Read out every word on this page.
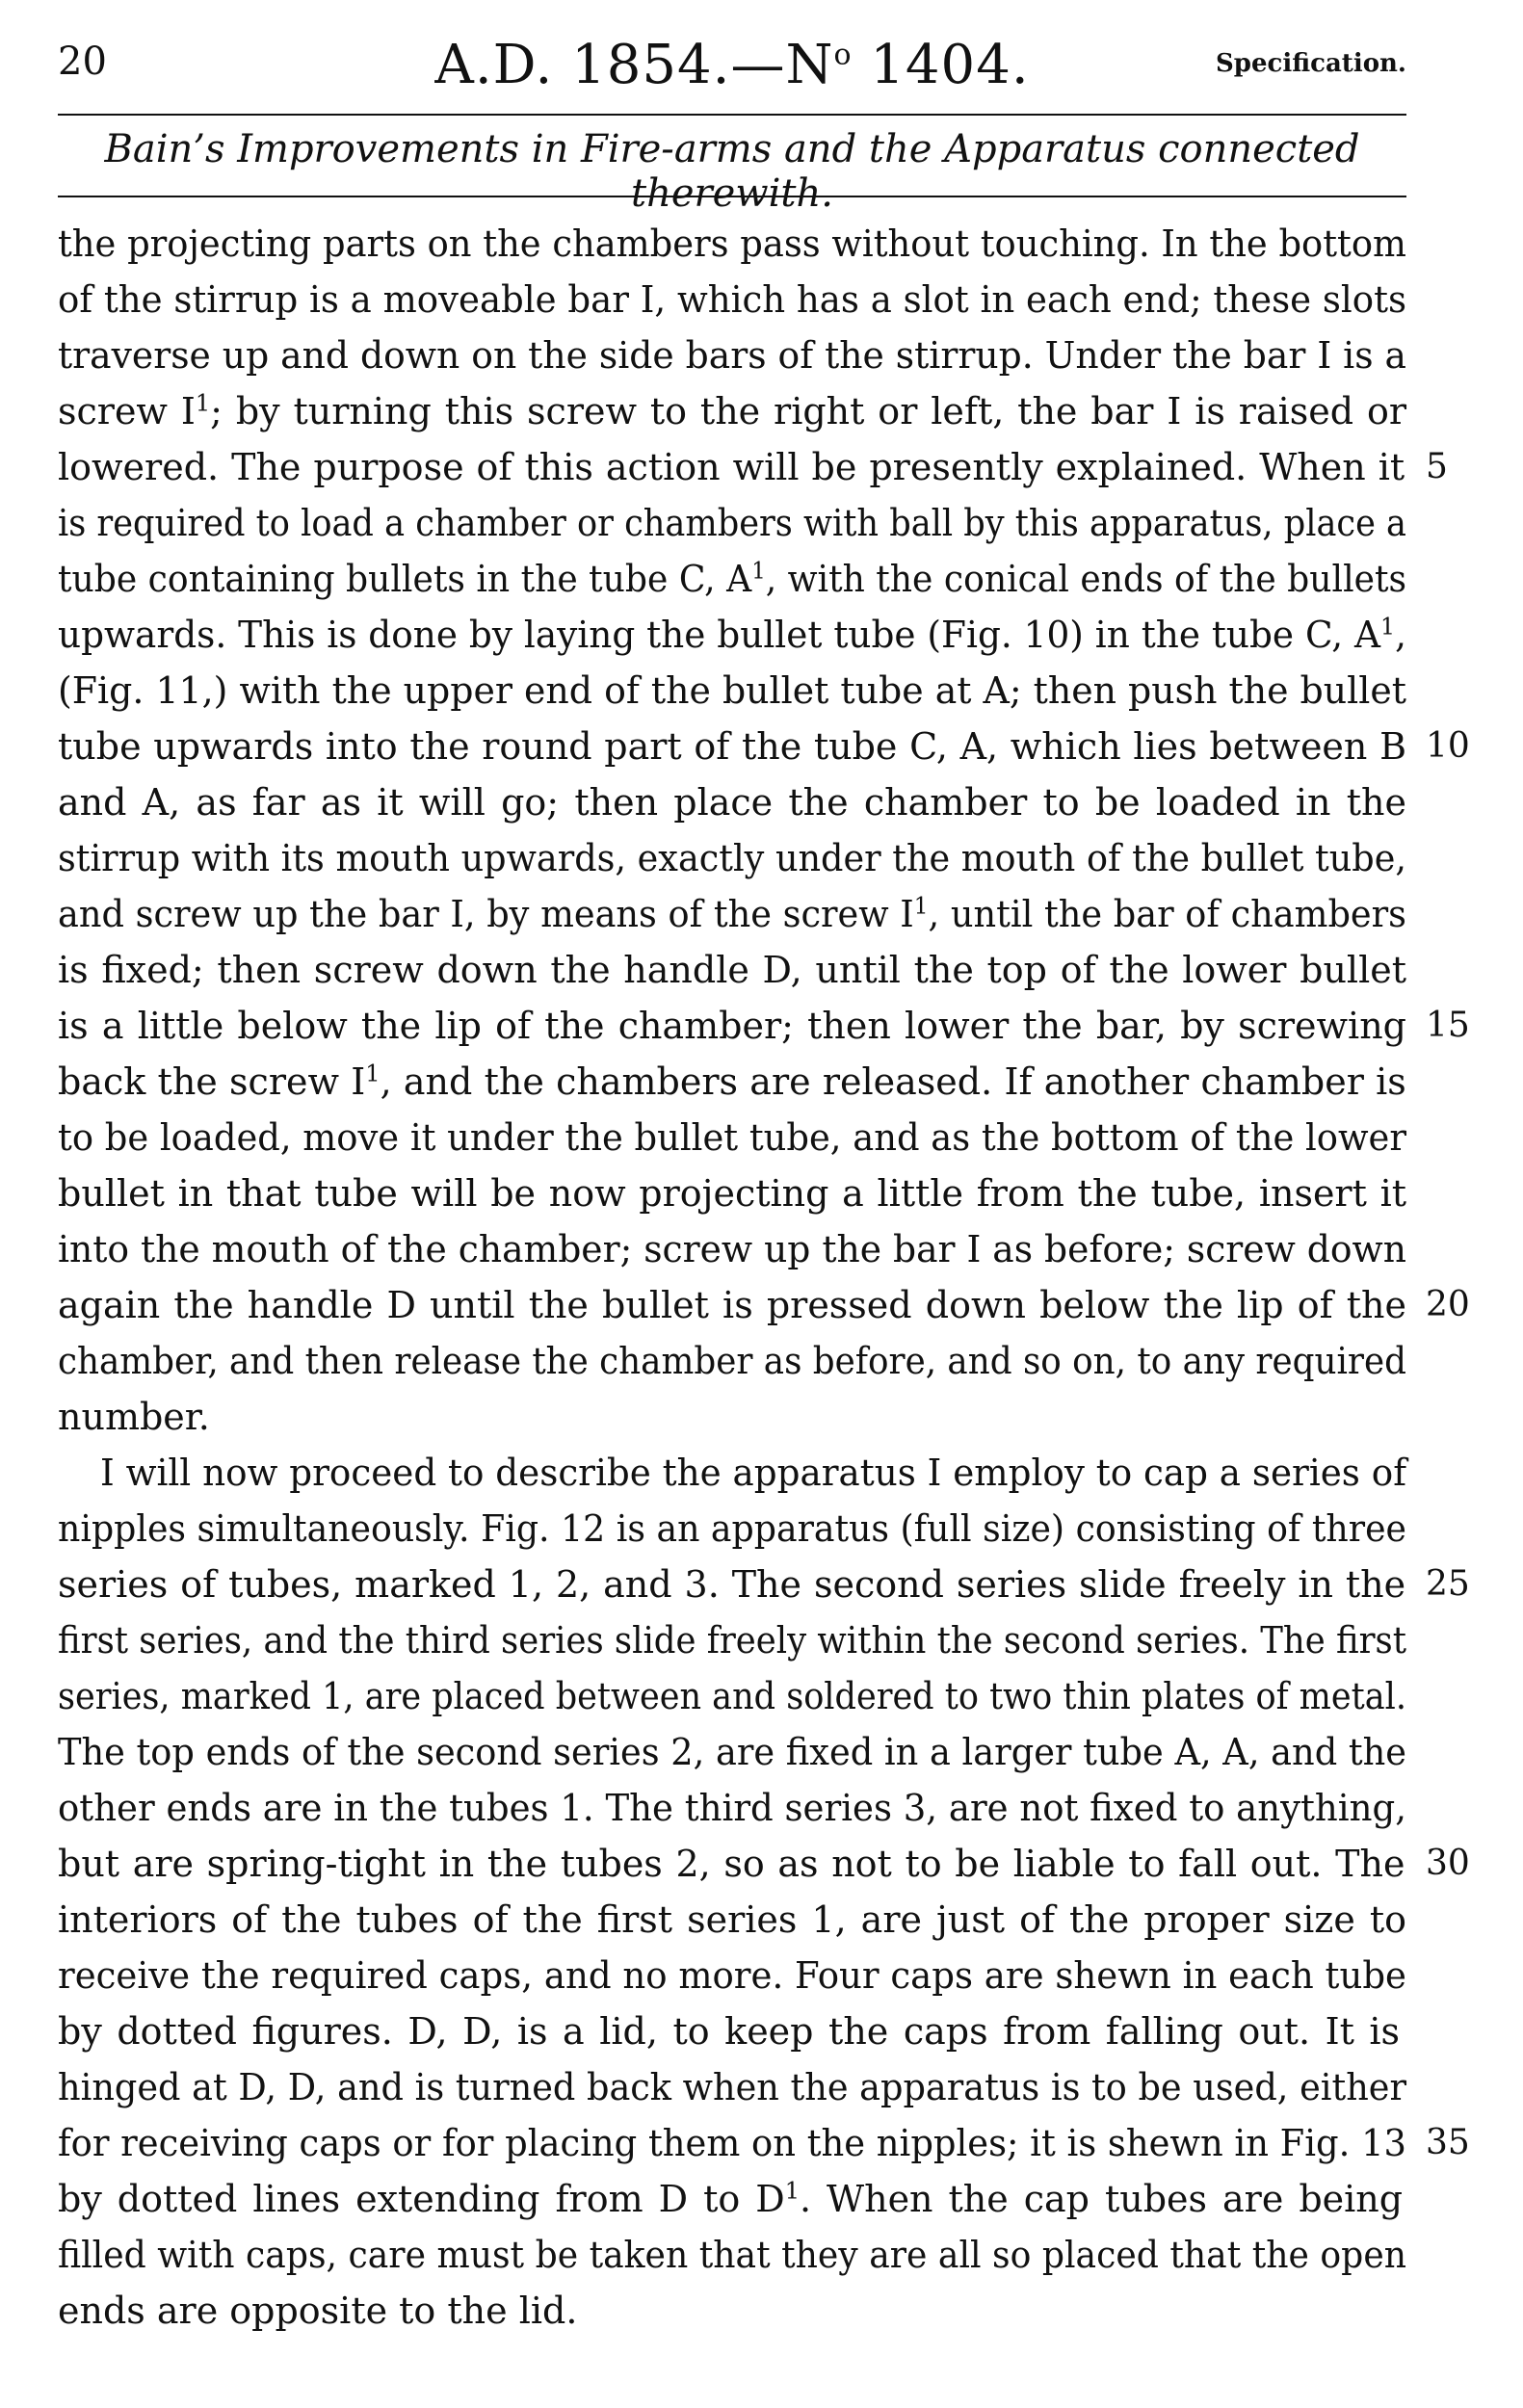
20	A.D. $1854.—N^o$ 1404.	Specification.
Bain’s Improvements in Fire-arms and the Apparatus connected therewith.
the projecting parts on the chambers pass without touching. In the bottom
of the stirrup is a moveable bar I, which has a slot in each end; these slots
traverse up and down on the side bars of the stirrup. Under the bar I is a
screw $I^1$; by turning this screw to the right or left, the bar I is raised or
lowered. The purpose of this action will be presently explained. When it 5
is required to load a chamber or chambers with ball by this apparatus, place a
tube containing bullets in the tube C, $A^1$, with the conical ends of the bullets
upwards. This is done by laying the bullet tube (Fig. 10) in the tube C, $A^1$,
(Fig. 11,) with the upper end of the bullet tube at A; then push the bullet
tube upwards into the round part of the tube C, A, which lies between B 10
and A, as far as it will go; then place the chamber to be loaded in the
stirrup with its mouth upwards, exactly under the mouth of the bullet tube,
and screw up the bar I, by means of the screw $I^1$, until the bar of chambers
is fixed; then screw down the handle D, until the top of the lower bullet
is a little below the lip of the chamber; then lower the bar, by screwing 15
back the screw $I^1$, and the chambers are released. If another chamber is
to be loaded, move it under the bullet tube, and as the bottom of the lower
bullet in that tube will be now projecting a little from the tube, insert it
into the mouth of the chamber; screw up the bar I as before; screw down
again the handle D until the bullet is pressed down below the lip of the 20
chamber, and then release the chamber as before, and so on, to any required
number.
I will now proceed to describe the apparatus I employ to cap a series of
nipples simultaneously. Fig. 12 is an apparatus (full size) consisting of three
series of tubes, marked 1, 2, and 3. The second series slide freely in the 25
first series, and the third series slide freely within the second series. The first
series, marked 1, are placed between and soldered to two thin plates of metal.
The top ends of the second series 2, are fixed in a larger tube A, A, and the
other ends are in the tubes 1. The third series 3, are not fixed to anything,
but are spring-tight in the tubes 2, so as not to be liable to fall out. The 30
interiors of the tubes of the first series 1, are just of the proper size to
receive the required caps, and no more. Four caps are shewn in each tube
by dotted figures. D, D, is a lid, to keep the caps from falling out. It is
hinged at D, D, and is turned back when the apparatus is to be used, either
for receiving caps or for placing them on the nipples; it is shewn in Fig. 13 35
by dotted lines extending from D to $D^1$. When the cap tubes are being
filled with caps, care must be taken that they are all so placed that the open
ends are opposite to the lid.
